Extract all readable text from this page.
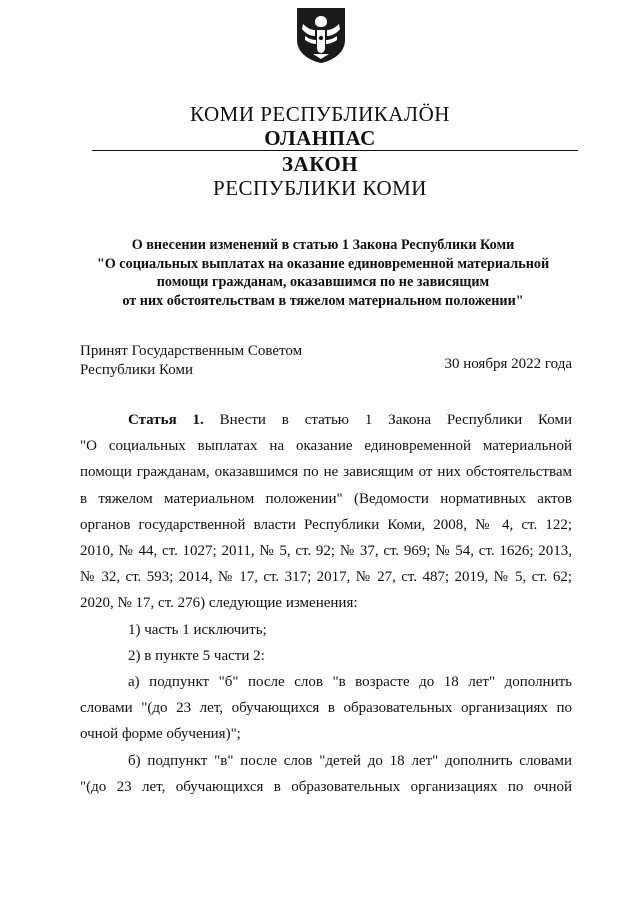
КОМИ РЕСПУБЛИКАЛӦН
ОЛАНПАС
ЗАКОН
РЕСПУБЛИКИ КОМИ
О внесении изменений в статью 1 Закона Республики Коми
"О социальных выплатах на оказание единовременной материальной
помощи гражданам, оказавшимся по не зависящим
от них обстоятельствам в тяжелом материальном положении"
Принят Государственным Советом
Республики Коми	30 ноября 2022 года
Статья 1. Внести в статью 1 Закона Республики Коми
"О социальных выплатах на оказание единовременной материальной
помощи гражданам, оказавшимся по не зависящим от них обстоятельствам
в тяжелом материальном положении" (Ведомости нормативных актов
органов государственной власти Республики Коми, 2008, № 4, ст. 122;
2010, № 44, ст. 1027; 2011, № 5, ст. 92; № 37, ст. 969; № 54, ст. 1626; 2013,
№ 32, ст. 593; 2014, № 17, ст. 317; 2017, № 27, ст. 487; 2019, № 5, ст. 62;
2020, № 17, ст. 276) следующие изменения:
1) часть 1 исключить;
2) в пункте 5 части 2:
а) подпункт "б" после слов "в возрасте до 18 лет" дополнить
словами "(до 23 лет, обучающихся в образовательных организациях по
очной форме обучения)";
б) подпункт "в" после слов "детей до 18 лет" дополнить словами
"(до 23 лет, обучающихся в образовательных организациях по очной
